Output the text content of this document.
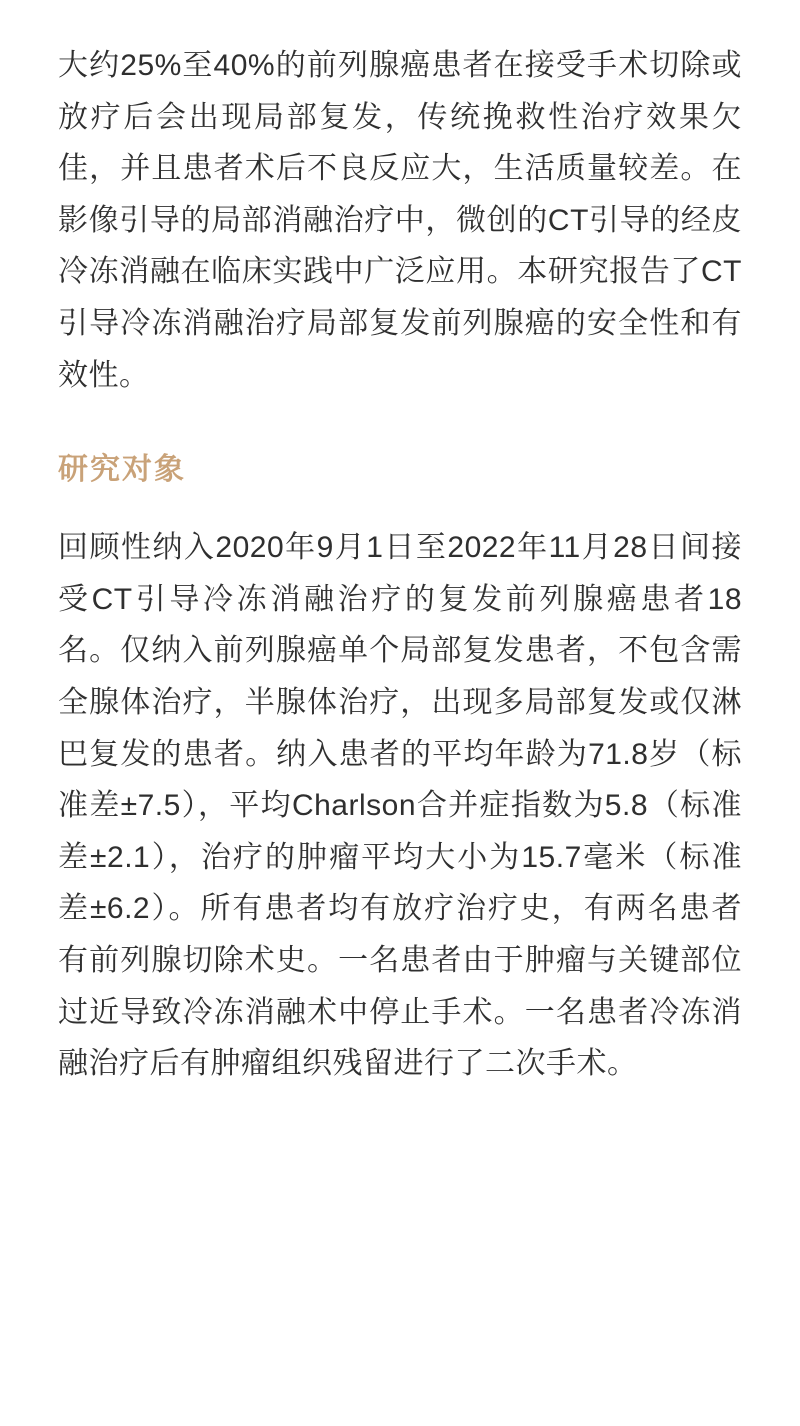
大约25%至40%的前列腺癌患者在接受手术切除或放疗后会出现局部复发，传统挽救性治疗效果欠佳，并且患者术后不良反应大，生活质量较差。在影像引导的局部消融治疗中，微创的CT引导的经皮冷冻消融在临床实践中广泛应用。本研究报告了CT引导冷冻消融治疗局部复发前列腺癌的安全性和有效性。

研究对象

回顾性纳入2020年9月1日至2022年11月28日间接受CT引导冷冻消融治疗的复发前列腺癌患者18名。仅纳入前列腺癌单个局部复发患者，不包含需全腺体治疗，半腺体治疗，出现多局部复发或仅淋巴复发的患者。纳入患者的平均年龄为71.8岁（标准差±7.5），平均Charlson合并症指数为5.8（标准差±2.1），治疗的肿瘤平均大小为15.7毫米（标准差±6.2）。所有患者均有放疗治疗史，有两名患者有前列腺切除术史。一名患者由于肿瘤与关键部位过近导致冷冻消融术中停止手术。一名患者冷冻消融治疗后有肿瘤组织残留进行了二次手术。
